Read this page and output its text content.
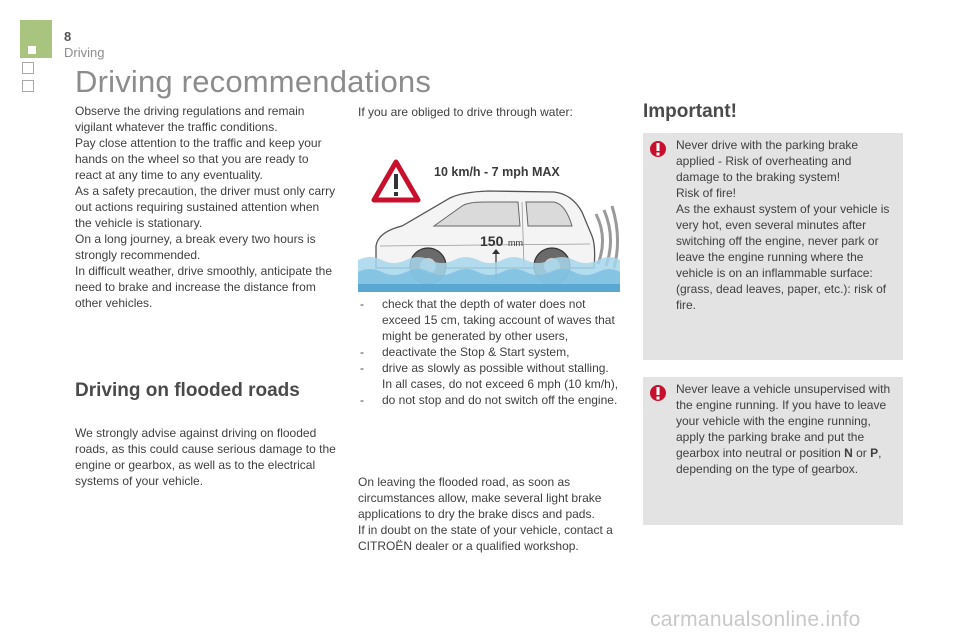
8
Driving
Driving recommendations

Observe the driving regulations and remain vigilant whatever the traffic conditions.

Pay close attention to the traffic and keep your hands on the wheel so that you are ready to react at any time to any eventuality.

As a safety precaution, the driver must only carry out actions requiring sustained attention when the vehicle is stationary.

On a long journey, a break every two hours is strongly recommended.

In difficult weather, drive smoothly, anticipate the need to brake and increase the distance from other vehicles.

Driving on flooded roads

We strongly advise against driving on flooded roads, as this could cause serious damage to the engine or gearbox, as well as to the electrical systems of your vehicle.

If you are obliged to drive through water:

10 km/h - 7 mph MAX
150 mm
- check that the depth of water does not exceed 15 cm, taking account of waves that might be generated by other users,
- deactivate the Stop & Start system,
- drive as slowly as possible without stalling. In all cases, do not exceed 6 mph (10 km/h),
- do not stop and do not switch off the engine.

On leaving the flooded road, as soon as circumstances allow, make several light brake applications to dry the brake discs and pads.

If in doubt on the state of your vehicle, contact a CITROËN dealer or a qualified workshop.

Important!

Never drive with the parking brake applied - Risk of overheating and damage to the braking system!

Risk of fire!

As the exhaust system of your vehicle is very hot, even several minutes after switching off the engine, never park or leave the engine running where the vehicle is on an inflammable surface: (grass, dead leaves, paper, etc.): risk of fire.

Never leave a vehicle unsupervised with the engine running. If you have to leave your vehicle with the engine running, apply the parking brake and put the gearbox into neutral or position N or P, depending on the type of gearbox.

carmanualsonline.info
